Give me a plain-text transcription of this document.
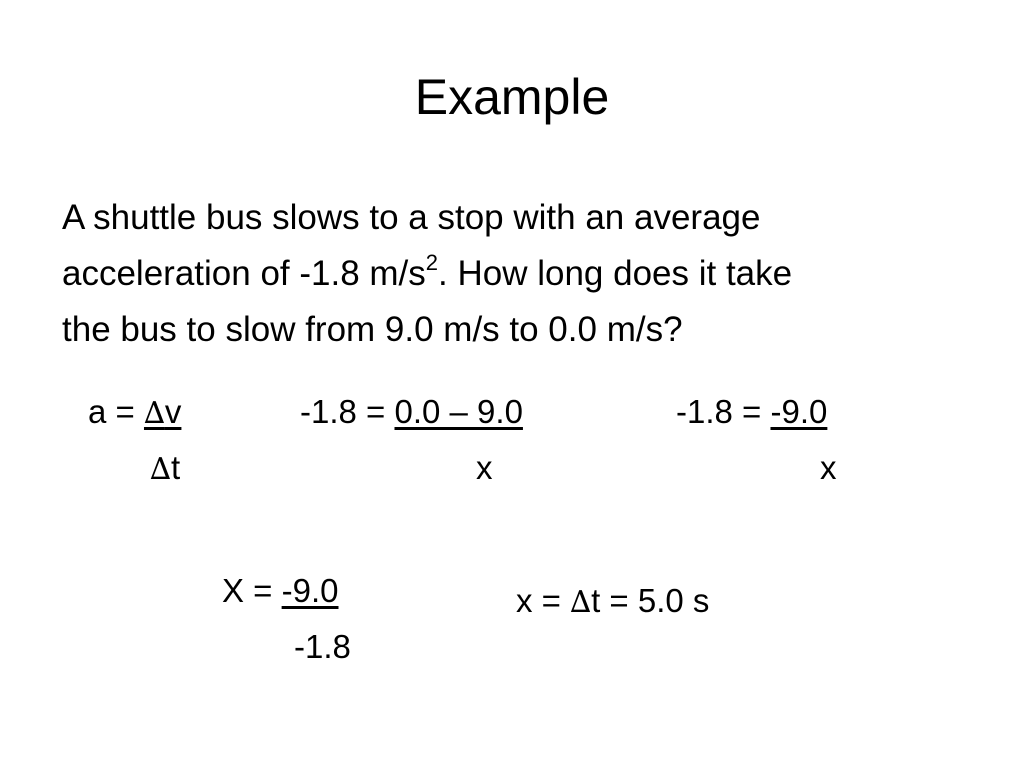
Example
A shuttle bus slows to a stop with an average
acceleration of -1.8 $m/s^2$. How long does it take
the bus to slow from 9.0 m/s to 0.0 m/s?
a = ∆v
∆t
-1.8 = 0.0 – 9.0
x
-1.8 = -9.0
x
X = -9.0
-1.8
x = ∆t = 5.0 s
